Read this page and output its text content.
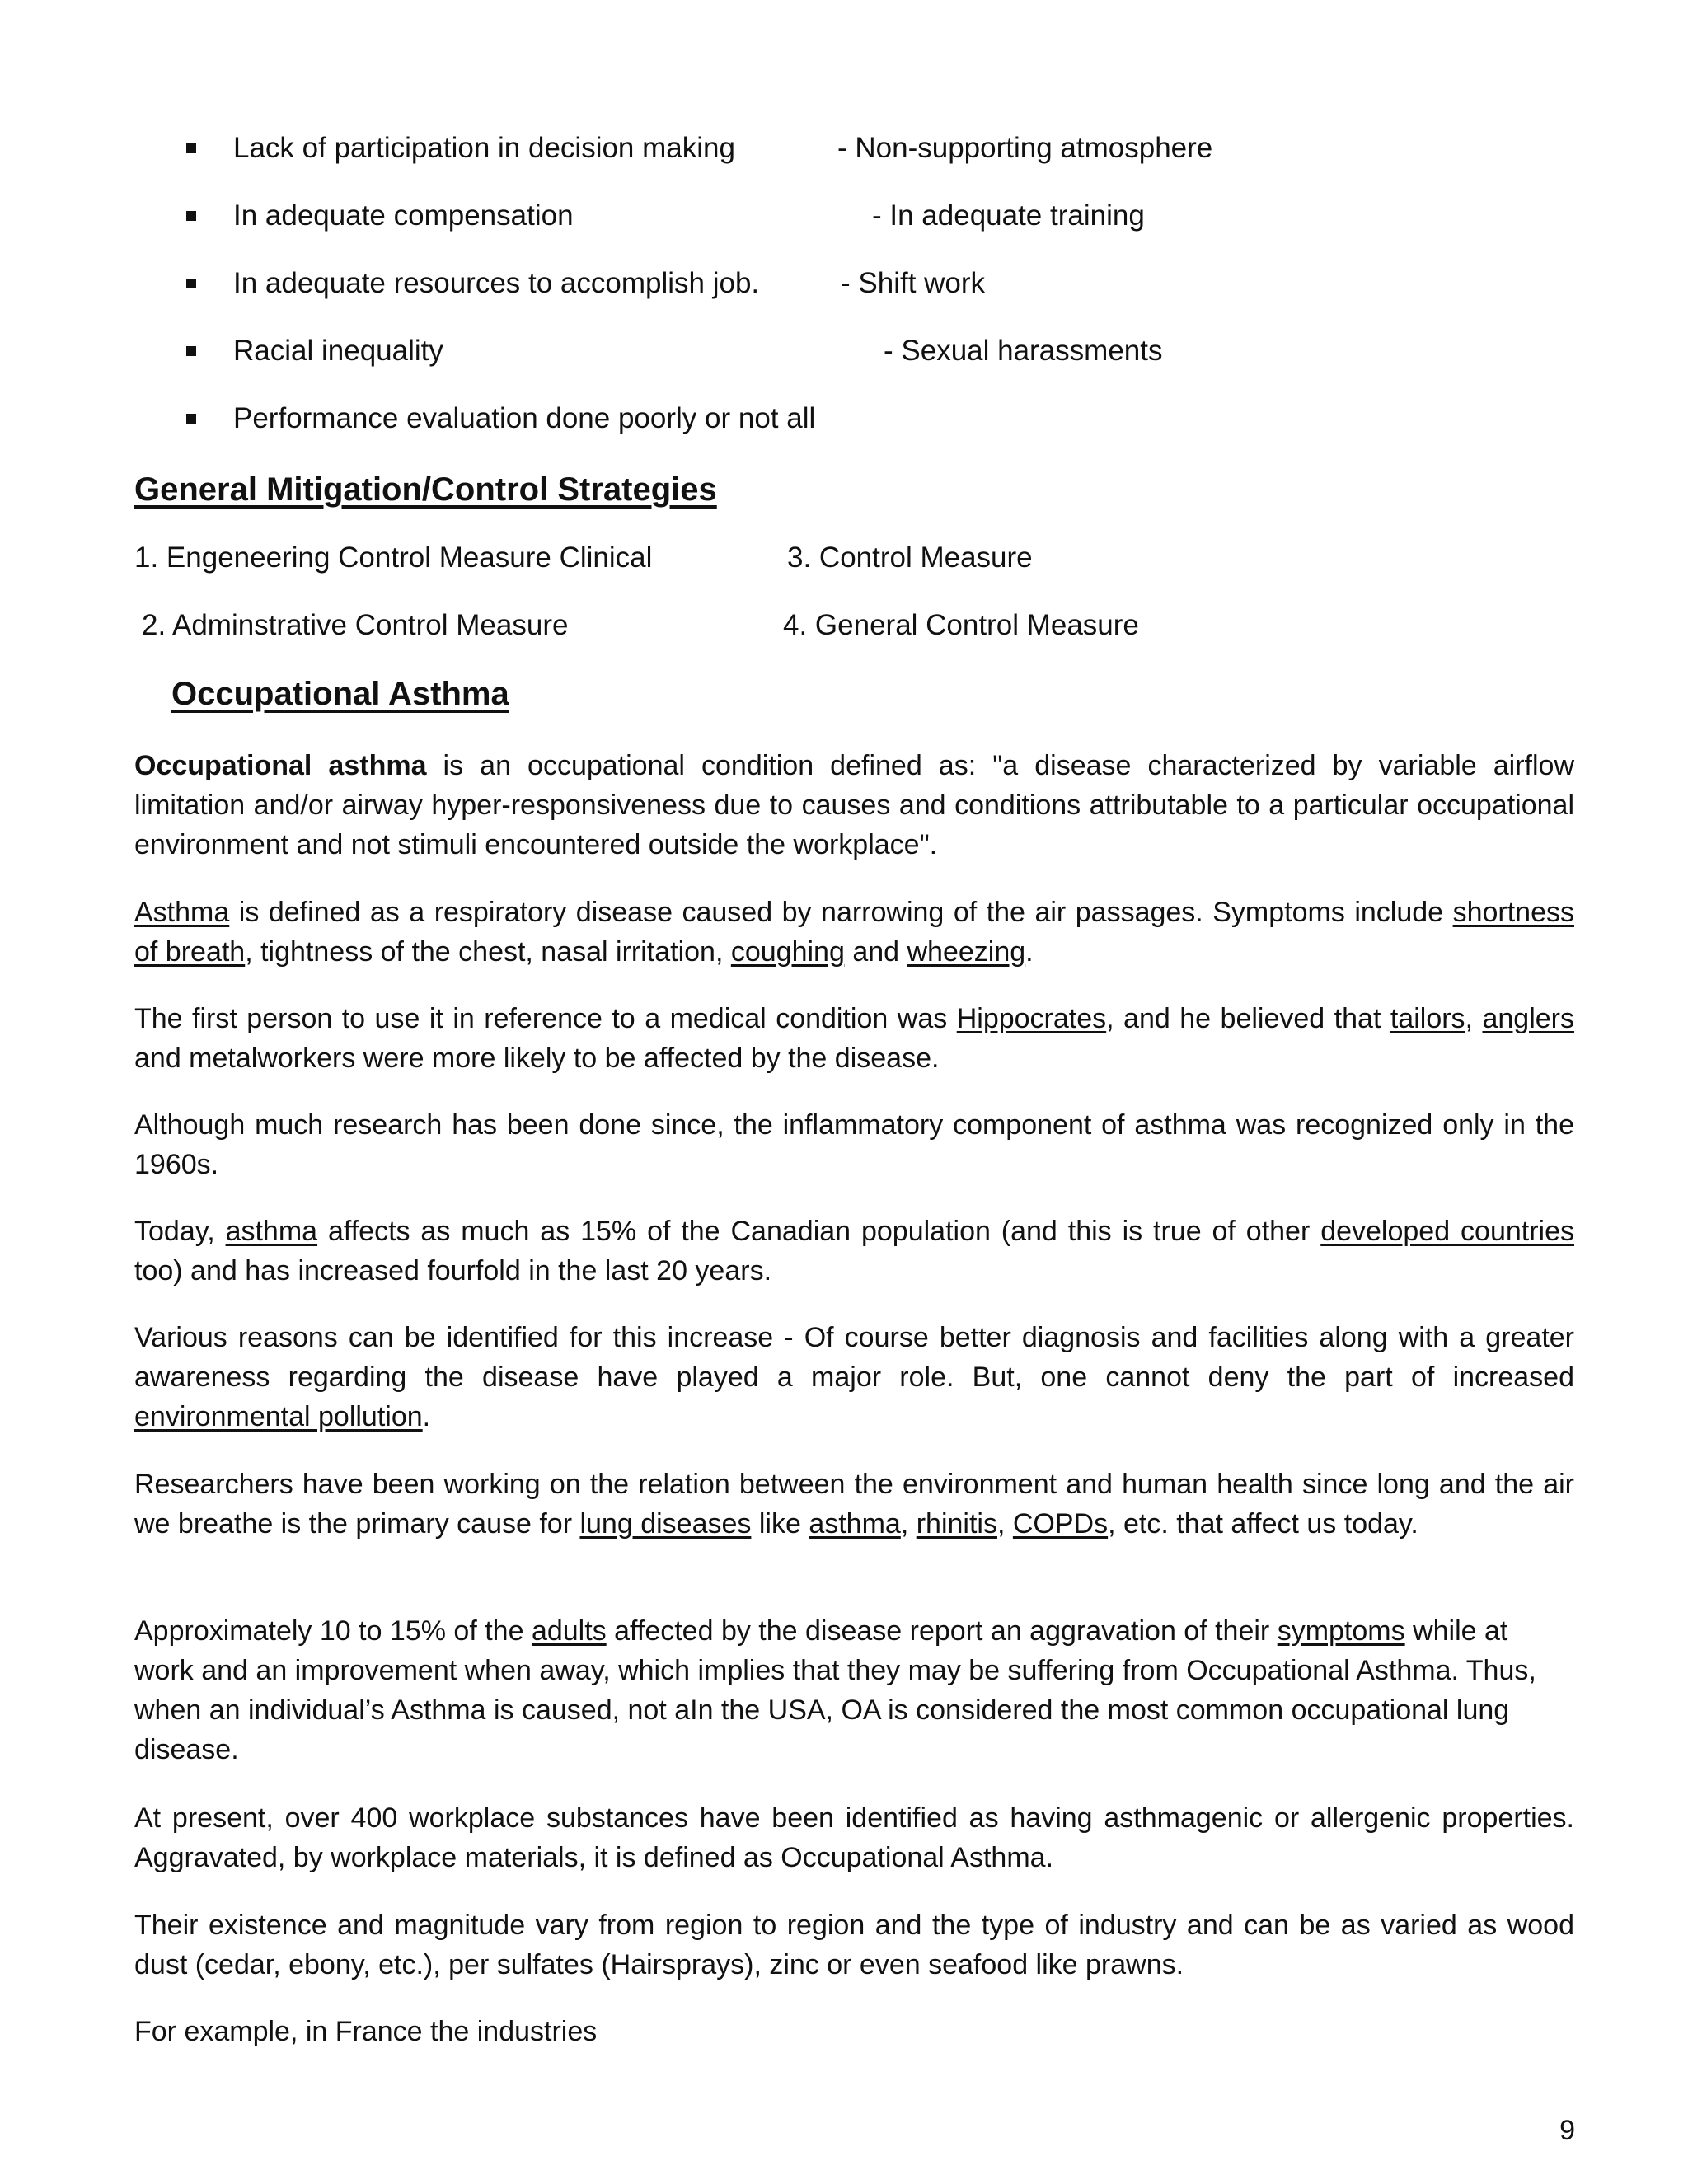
Lack of participation in decision making	- Non-supporting atmosphere
In adequate compensation	- In adequate training
In adequate resources to accomplish job.	- Shift work
Racial inequality	- Sexual harassments
Performance evaluation done poorly or not all
General Mitigation/Control Strategies
1. Engeneering Control Measure Clinical	3. Control Measure
2. Adminstrative Control Measure	4. General Control Measure
Occupational Asthma

Occupational asthma is an occupational condition defined as: "a disease characterized by variable airflow limitation and/or airway hyper-responsiveness due to causes and conditions attributable to a particular occupational environment and not stimuli encountered outside the workplace".

Asthma is defined as a respiratory disease caused by narrowing of the air passages. Symptoms include shortness of breath, tightness of the chest, nasal irritation, coughing and wheezing.

The first person to use it in reference to a medical condition was Hippocrates, and he believed that tailors, anglers and metalworkers were more likely to be affected by the disease.

Although much research has been done since, the inflammatory component of asthma was recognized only in the 1960s.

Today, asthma affects as much as 15% of the Canadian population (and this is true of other developed countries too) and has increased fourfold in the last 20 years.

Various reasons can be identified for this increase - Of course better diagnosis and facilities along with a greater awareness regarding the disease have played a major role. But, one cannot deny the part of increased environmental pollution.

Researchers have been working on the relation between the environment and human health since long and the air we breathe is the primary cause for lung diseases like asthma, rhinitis, COPDs, etc. that affect us today.

Approximately 10 to 15% of the adults affected by the disease report an aggravation of their symptoms while at work and an improvement when away, which implies that they may be suffering from Occupational Asthma. Thus, when an individual’s Asthma is caused, not aIn the USA, OA is considered the most common occupational lung disease.

At present, over 400 workplace substances have been identified as having asthmagenic or allergenic properties. Aggravated, by workplace materials, it is defined as Occupational Asthma.

Their existence and magnitude vary from region to region and the type of industry and can be as varied as wood dust (cedar, ebony, etc.), per sulfates (Hairsprays), zinc or even seafood like prawns.

For example, in France the industries

9
